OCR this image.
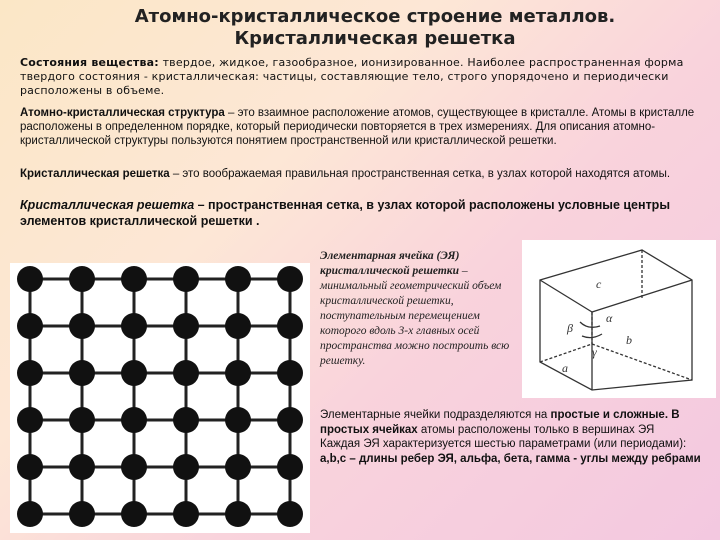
Атомно-кристаллическое строение металлов.
Кристаллическая решетка
Состояния вещества: твердое, жидкое, газообразное, ионизированное. Наиболее распространенная форма твердого состояния - кристаллическая: частицы, составляющие тело, строго упорядочено и периодически расположены в объеме.
Атомно-кристаллическая структура – это взаимное расположение атомов, существующее в кристалле. Атомы в кристалле расположены в определенном порядке, который периодически повторяется в трех измерениях. Для описания атомно-кристаллической структуры пользуются понятием пространственной или кристаллической решетки.
Кристаллическая решетка – это воображаемая правильная пространственная сетка, в узлах которой находятся атомы.
Кристаллическая решетка – пространственная сетка, в узлах которой расположены условные центры элементов кристаллической решетки .
Элементарная ячейка (ЭЯ) кристаллической решетки – минимальный геометрический объем кристаллической решетки, поступательным перемещением которого вдоль 3-х главных осей пространства можно построить всю решетку.
c
β
α
γ
a
b
Элементарные ячейки подразделяются на простые и сложные. В простых ячейках атомы расположены только в вершинах ЭЯ
Каждая ЭЯ характеризуется шестью параметрами (или периодами): a,b,c – длины ребер ЭЯ, альфа, бета, гамма - углы между ребрами
